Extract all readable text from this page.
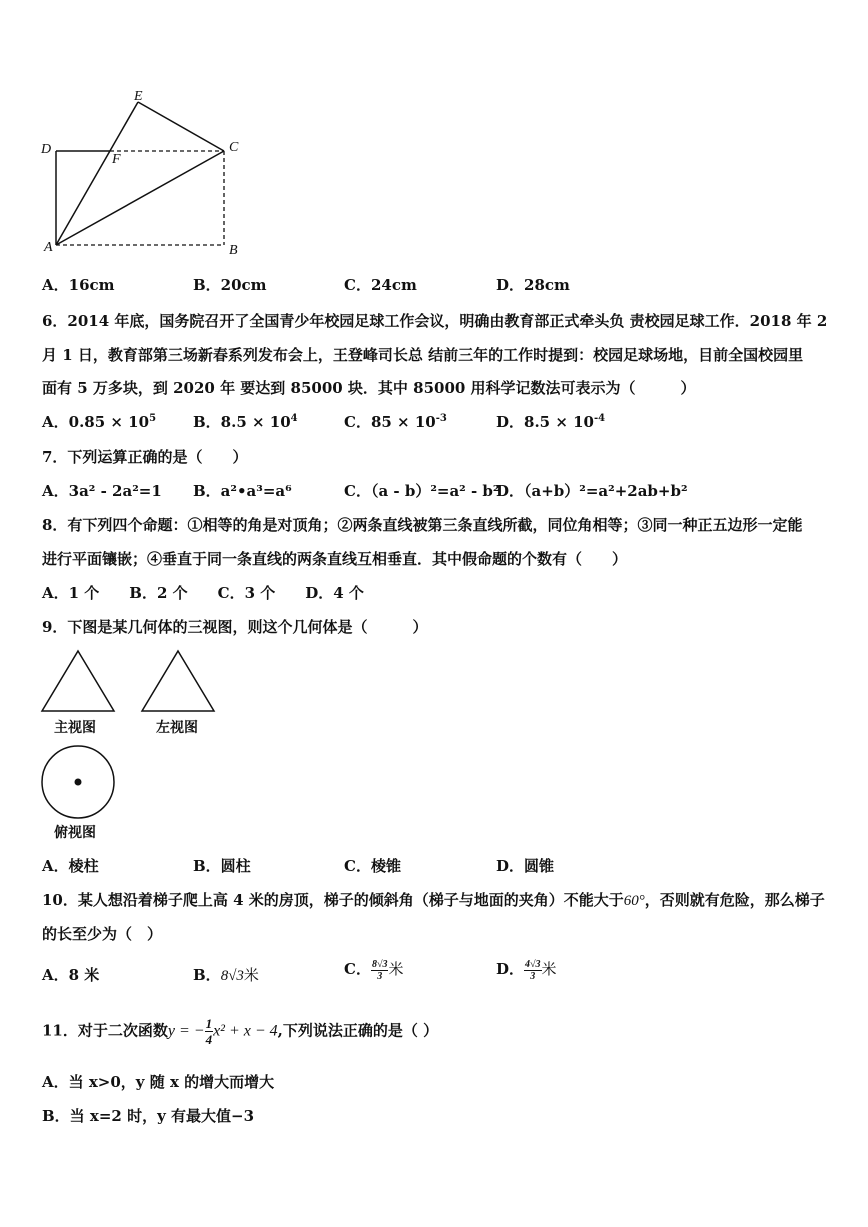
E
D
F
C
A	B
A．16cm	B．20cm	C．24cm	D．28cm
6．2014 年底，国务院召开了全国青少年校园足球工作会议，明确由教育部正式牵头负 责校园足球工作．2018 年 2
月 1 日，教育部第三场新春系列发布会上，王登峰司长总 结前三年的工作时提到：校园足球场地，目前全国校园里
面有 5 万多块，到 2020 年 要达到 85000 块．其中 85000 用科学记数法可表示为（　　　）
A．$0.85 \times 10^5$ B．$8.5 \times 10^4$	C．$85 \times 10^{-3}$	D．$8.5 \times 10^{-4}$
7．下列运算正确的是（　　）
A．3a² - 2a²=1 B．a²•a³=a⁶	C．（a - b）²=a² - b²
D．（a+b）²=a²+2ab+b²
8．有下列四个命题：①相等的角是对顶角；②两条直线被第三条直线所截，同位角相等；③同一种正五边形一定能
进行平面镶嵌；④垂直于同一条直线的两条直线互相垂直．其中假命题的个数有（　　）
A．1 个　　B．2 个　　C．3 个　　D．4 个
9．下图是某几何体的三视图，则这个几何体是（　　　）
主视图	左视图
俯视图
A．棱柱	B．圆柱	C．棱锥	D．圆锥
10．某人想沿着梯子爬上高 4 米的房顶，梯子的倾斜角（梯子与地面的夹角）不能大于60°，否则就有危险，那么梯子
的长至少为（　）
A．8 米	B．8√3米	C． $\frac{8√3}{3}$ 米	D． $\frac{4√3}{3}$ 米
11．对于二次函数y = − $\frac{1}{4} x^2 + x - 4$,下列说法正确的是（ ）
A．当 x>0，y 随 x 的增大而增大
B．当 x=2 时，y 有最大值−3
